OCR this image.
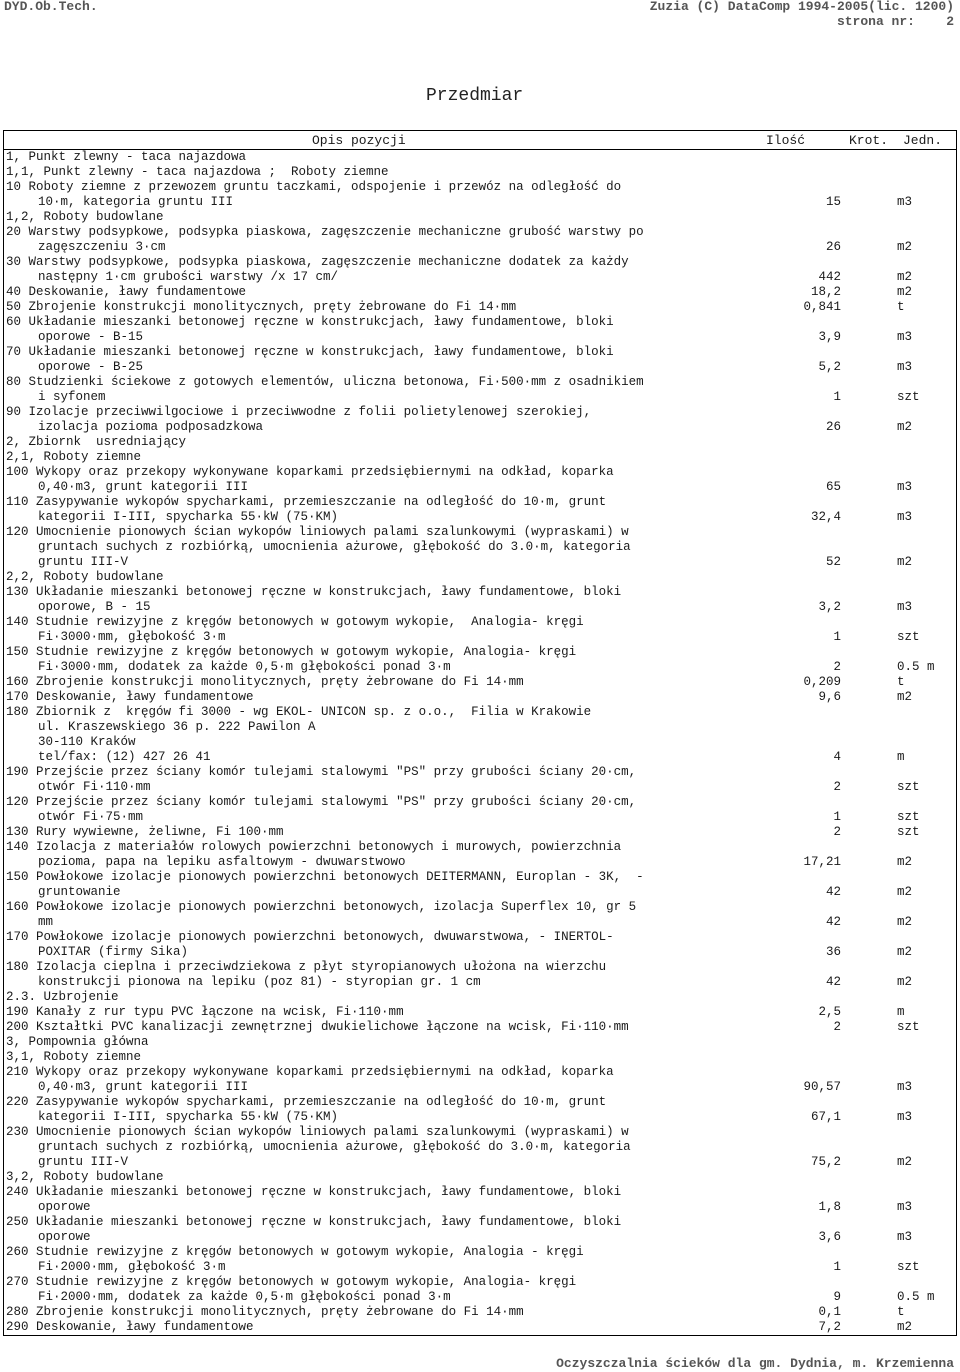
DYD.Ob.Tech.	Zuzia (C) DataComp 1994-2005(lic. 1200)
strona nr: 2
Przedmiar
Opis pozycji	Ilość	Krot. Jedn.
1, Punkt zlewny - taca najazdowa
1,1, Punkt zlewny - taca najazdowa ;  Roboty ziemne
10 Roboty ziemne z przewozem gruntu taczkami, odspojenie i przewóz na odległość do
10·m, kategoria gruntu III	15	m3
1,2, Roboty budowlane
20 Warstwy podsypkowe, podsypka piaskowa, zagęszczenie mechaniczne grubość warstwy po
zagęszczeniu 3·cm	26	m2
30 Warstwy podsypkowe, podsypka piaskowa, zagęszczenie mechaniczne dodatek za każdy
następny 1·cm grubości warstwy /x 17 cm/	442	m2
40 Deskowanie, ławy fundamentowe	18,2	m2
50 Zbrojenie konstrukcji monolitycznych, pręty żebrowane do Fi 14·mm	0,841	t
60 Układanie mieszanki betonowej ręczne w konstrukcjach, ławy fundamentowe, bloki
oporowe - B-15	3,9	m3
70 Układanie mieszanki betonowej ręczne w konstrukcjach, ławy fundamentowe, bloki
oporowe - B-25	5,2	m3
80 Studzienki ściekowe z gotowych elementów, uliczna betonowa, Fi·500·mm z osadnikiem
i syfonem	1	szt
90 Izolacje przeciwwilgociowe i przeciwwodne z folii polietylenowej szerokiej,
izolacja pozioma podposadzkowa	26	m2
2, Zbiornk  usredniający
2,1, Roboty ziemne
100 Wykopy oraz przekopy wykonywane koparkami przedsiębiernymi na odkład, koparka
0,40·m3, grunt kategorii III	65	m3
110 Zasypywanie wykopów spycharkami, przemieszczanie na odległość do 10·m, grunt
kategorii I-III, spycharka 55·kW (75·KM)	32,4	m3
120 Umocnienie pionowych ścian wykopów liniowych palami szalunkowymi (wypraskami) w
gruntach suchych z rozbiórką, umocnienia ażurowe, głębokość do 3.0·m, kategoria
gruntu III-V	52	m2
2,2, Roboty budowlane
130 Układanie mieszanki betonowej ręczne w konstrukcjach, ławy fundamentowe, bloki
oporowe, B - 15	3,2	m3
140 Studnie rewizyjne z kręgów betonowych w gotowym wykopie,  Analogia- kręgi
Fi·3000·mm, głębokość 3·m	1	szt
150 Studnie rewizyjne z kręgów betonowych w gotowym wykopie, Analogia- kręgi
Fi·3000·mm, dodatek za każde 0,5·m głębokości ponad 3·m	2	0.5 m
160 Zbrojenie konstrukcji monolitycznych, pręty żebrowane do Fi 14·mm	0,209	t
170 Deskowanie, ławy fundamentowe	9,6	m2
180 Zbiornik z  kręgów fi 3000 - wg EKOL- UNICON sp. z o.o.,  Filia w Krakowie
ul. Kraszewskiego 36 p. 222 Pawilon A
30-110 Kraków
tel/fax: (12) 427 26 41	4	m
190 Przejście przez ściany komór tulejami stalowymi "PS" przy grubości ściany 20·cm,
otwór Fi·110·mm	2	szt
120 Przejście przez ściany komór tulejami stalowymi "PS" przy grubości ściany 20·cm,
otwór Fi·75·mm	1	szt
130 Rury wywiewne, żeliwne, Fi 100·mm	2	szt
140 Izolacja z materiałów rolowych powierzchni betonowych i murowych, powierzchnia
pozioma, papa na lepiku asfaltowym - dwuwarstwowo	17,21	m2
150 Powłokowe izolacje pionowych powierzchni betonowych DEITERMANN, Europlan - 3K,  -
gruntowanie	42	m2
160 Powłokowe izolacje pionowych powierzchni betonowych, izolacja Superflex 10, gr 5
mm	42	m2
170 Powłokowe izolacje pionowych powierzchni betonowych, dwuwarstwowa, - INERTOL-
POXITAR (firmy Sika)	36	m2
180 Izolacja cieplna i przeciwdziekowa z płyt styropianowych ułożona na wierzchu
konstrukcji pionowa na lepiku (poz 81) - styropian gr. 1 cm	42	m2
2.3. Uzbrojenie
190 Kanały z rur typu PVC łączone na wcisk, Fi·110·mm	2,5	m
200 Kształtki PVC kanalizacji zewnętrznej dwukielichowe łączone na wcisk, Fi·110·mm	2	szt
3, Pompownia główna
3,1, Roboty ziemne
210 Wykopy oraz przekopy wykonywane koparkami przedsiębiernymi na odkład, koparka
0,40·m3, grunt kategorii III	90,57	m3
220 Zasypywanie wykopów spycharkami, przemieszczanie na odległość do 10·m, grunt
kategorii I-III, spycharka 55·kW (75·KM)	67,1	m3
230 Umocnienie pionowych ścian wykopów liniowych palami szalunkowymi (wypraskami) w
gruntach suchych z rozbiórką, umocnienia ażurowe, głębokość do 3.0·m, kategoria
gruntu III-V	75,2	m2
3,2, Roboty budowlane
240 Układanie mieszanki betonowej ręczne w konstrukcjach, ławy fundamentowe, bloki
oporowe	1,8	m3
250 Układanie mieszanki betonowej ręczne w konstrukcjach, ławy fundamentowe, bloki
oporowe	3,6	m3
260 Studnie rewizyjne z kręgów betonowych w gotowym wykopie, Analogia - kręgi
Fi·2000·mm, głębokość 3·m	1	szt
270 Studnie rewizyjne z kręgów betonowych w gotowym wykopie, Analogia- kręgi
Fi·2000·mm, dodatek za każde 0,5·m głębokości ponad 3·m	9	0.5 m
280 Zbrojenie konstrukcji monolitycznych, pręty żebrowane do Fi 14·mm	0,1	t
290 Deskowanie, ławy fundamentowe	7,2	m2
Oczyszczalnia ścieków dla gm. Dydnia, m. Krzemienna
